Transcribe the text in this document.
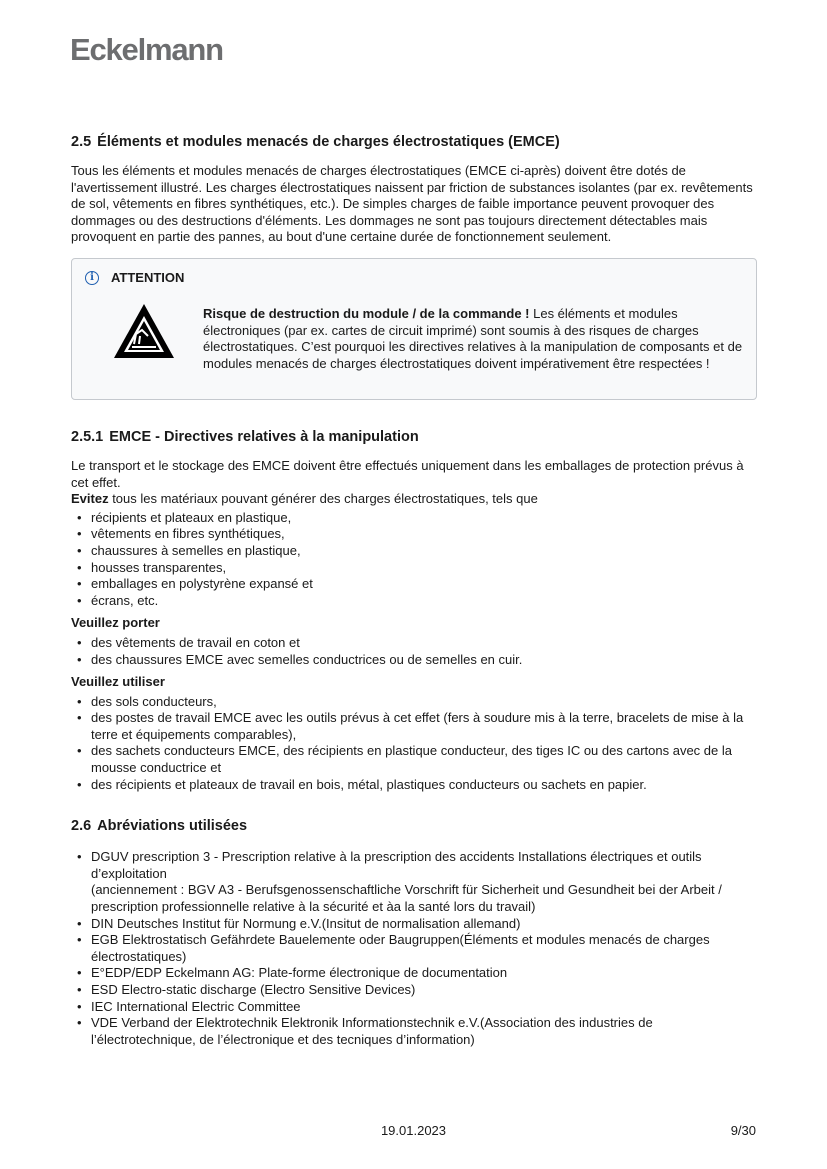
Eckelmann
2.5 Éléments et modules menacés de charges électrostatiques (EMCE)

Tous les éléments et modules menacés de charges électrostatiques (EMCE ci-après) doivent être dotés de l'avertissement illustré. Les charges électrostatiques naissent par friction de substances isolantes (par ex. revêtements de sol, vêtements en fibres synthétiques, etc.). De simples charges de faible importance peuvent provoquer des dommages ou des destructions d'éléments. Les dommages ne sont pas toujours directement détectables mais provoquent en partie des pannes, au bout d'une certaine durée de fonctionnement seulement.

i	ATTENTION
Risque de destruction du module / de la commande ! Les éléments et modules électroniques (par ex. cartes de circuit imprimé) sont soumis à des risques de charges électrostatiques. C’est pourquoi les directives relatives à la manipulation de composants et de modules menacés de charges électrostatiques doivent impérativement être respectées !
2.5.1 EMCE - Directives relatives à la manipulation

Le transport et le stockage des EMCE doivent être effectués uniquement dans les emballages de protection prévus à cet effet.

Evitez tous les matériaux pouvant générer des charges électrostatiques, tels que

• récipients et plateaux en plastique,
• vêtements en fibres synthétiques,
• chaussures à semelles en plastique,
• housses transparentes,
• emballages en polystyrène expansé et
• écrans, etc.
Veuillez porter
• des vêtements de travail en coton et
• des chaussures EMCE avec semelles conductrices ou de semelles en cuir.
Veuillez utiliser
• des sols conducteurs,
• des postes de travail EMCE avec les outils prévus à cet effet (fers à soudure mis à la terre, bracelets de mise à la terre et équipements comparables),
• des sachets conducteurs EMCE, des récipients en plastique conducteur, des tiges IC ou des cartons avec de la mousse conductrice et
• des récipients et plateaux de travail en bois, métal, plastiques conducteurs ou sachets en papier.
2.6 Abréviations utilisées
• DGUV prescription 3 - Prescription relative à la prescription des accidents Installations électriques et outils d’exploitation
(anciennement : BGV A3 - Berufsgenossenschaftliche Vorschrift für Sicherheit und Gesundheit bei der Arbeit / prescription professionnelle relative à la sécurité et àa la santé lors du travail)
• DIN Deutsches Institut für Normung e.V.(Insitut de normalisation allemand)
• EGB Elektrostatisch Gefährdete Bauelemente oder Baugruppen(Éléments et modules menacés de charges électrostatiques)
• E°EDP/EDP Eckelmann AG: Plate-forme électronique de documentation
• ESD Electro-static discharge (Electro Sensitive Devices)
• IEC International Electric Committee
• VDE Verband der Elektrotechnik Elektronik Informationstechnik e.V.(Association des industries de l’électrotechnique, de l’électronique et des tecniques d’information)
19.01.2023	9/30
